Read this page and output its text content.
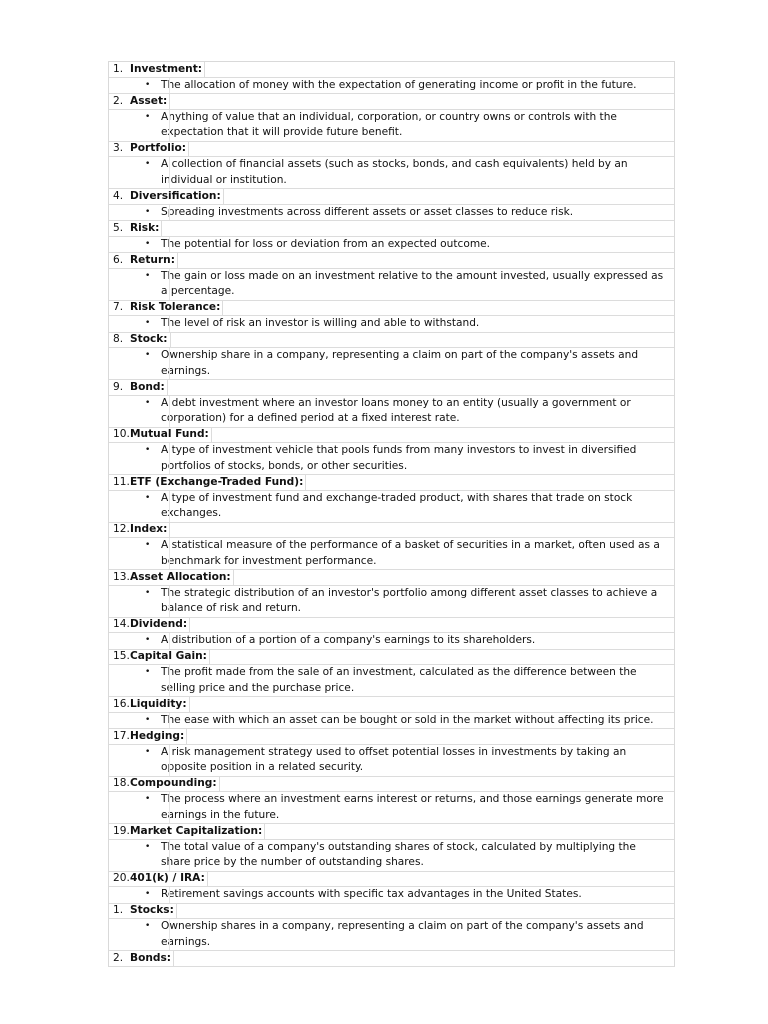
1. Investment:
• The allocation of money with the expectation of generating income or profit in the future.
2. Asset:
• Anything of value that an individual, corporation, or country owns or controls with the expectation that it will provide future benefit.
3. Portfolio:
• A collection of financial assets (such as stocks, bonds, and cash equivalents) held by an individual or institution.
4. Diversification:
• Spreading investments across different assets or asset classes to reduce risk.
5. Risk:
• The potential for loss or deviation from an expected outcome.
6. Return:
• The gain or loss made on an investment relative to the amount invested, usually expressed as a percentage.
7. Risk Tolerance:
• The level of risk an investor is willing and able to withstand.
8. Stock:
• Ownership share in a company, representing a claim on part of the company's assets and earnings.
9. Bond:
• A debt investment where an investor loans money to an entity (usually a government or corporation) for a defined period at a fixed interest rate.
10. Mutual Fund:
• A type of investment vehicle that pools funds from many investors to invest in diversified portfolios of stocks, bonds, or other securities.
11. ETF (Exchange-Traded Fund):
• A type of investment fund and exchange-traded product, with shares that trade on stock exchanges.
12. Index:
• A statistical measure of the performance of a basket of securities in a market, often used as a benchmark for investment performance.
13. Asset Allocation:
• The strategic distribution of an investor's portfolio among different asset classes to achieve a balance of risk and return.
14. Dividend:
• A distribution of a portion of a company's earnings to its shareholders.
15. Capital Gain:
• The profit made from the sale of an investment, calculated as the difference between the selling price and the purchase price.
16. Liquidity:
• The ease with which an asset can be bought or sold in the market without affecting its price.
17. Hedging:
• A risk management strategy used to offset potential losses in investments by taking an opposite position in a related security.
18. Compounding:
• The process where an investment earns interest or returns, and those earnings generate more earnings in the future.
19. Market Capitalization:
• The total value of a company's outstanding shares of stock, calculated by multiplying the share price by the number of outstanding shares.
20. 401(k) / IRA:
• Retirement savings accounts with specific tax advantages in the United States.
1. Stocks:
• Ownership shares in a company, representing a claim on part of the company's assets and earnings.
2. Bonds:
